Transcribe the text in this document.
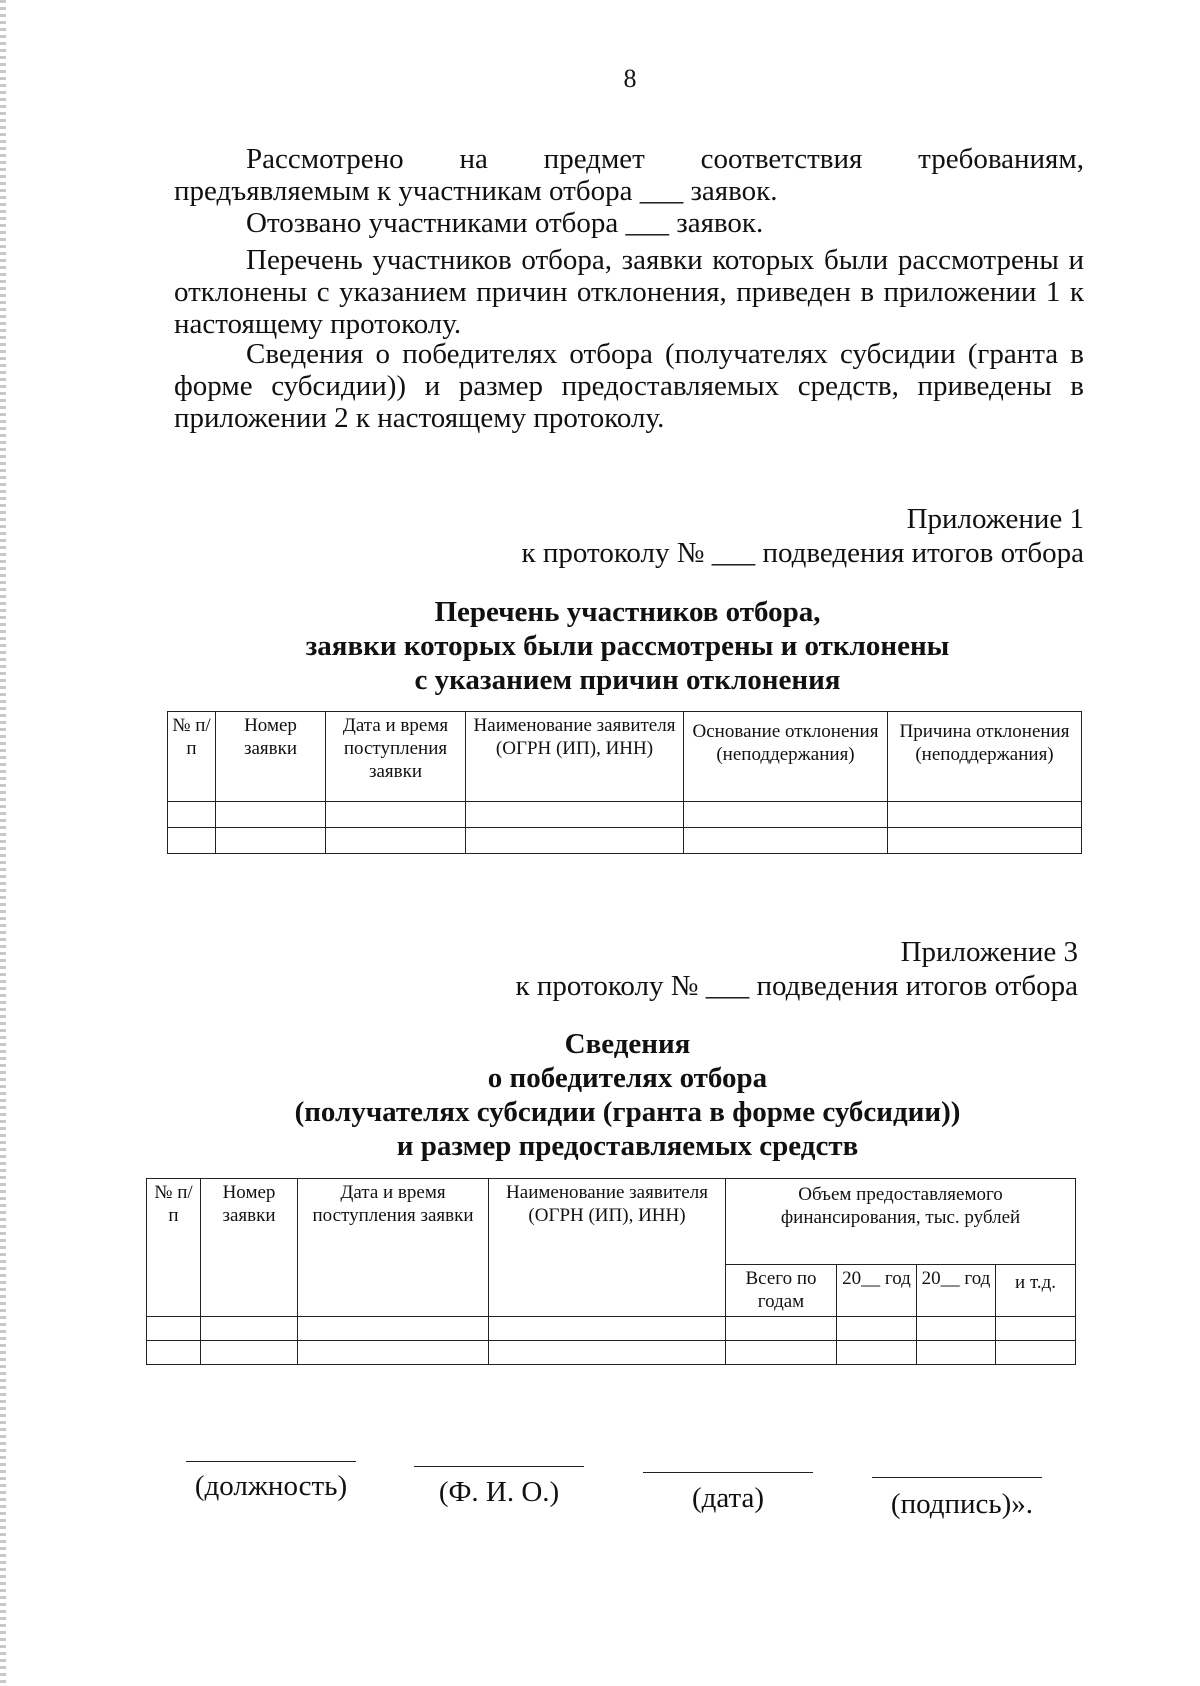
8

Рассмотрено на предмет соответствия требованиям, предъявляемым к участникам отбора ___ заявок.

Отозвано участниками отбора ___ заявок.

Перечень участников отбора, заявки которых были рассмотрены и отклонены с указанием причин отклонения, приведен в приложении 1 к настоящему протоколу.

Сведения о победителях отбора (получателях субсидии (гранта в форме субсидии)) и размер предоставляемых средств, приведены в приложении 2 к настоящему протоколу.

Приложение 1
к протоколу № ___ подведения итогов отбора
Перечень участников отбора,
заявки которых были рассмотрены и отклонены
с указанием причин отклонения
№ п/п	Номер заявки	Дата и время поступления заявки	Наименование заявителя (ОГРН (ИП), ИНН)	Основание отклонения (неподдержания)	Причина отклонения (неподдержания)

Приложение 3
к протоколу № ___ подведения итогов отбора
Сведения
о победителях отбора
(получателях субсидии (гранта в форме субсидии))
и размер предоставляемых средств
№ п/п	Номер заявки	Дата и время поступления заявки	Наименование заявителя (ОГРН (ИП), ИНН)	Объем предоставляемого финансирования, тыс. рублей			
				Всего по годам	20__ год	20__ год	и т.д.

(должность)	(Ф. И. О.)	(дата)	(подпись)».
